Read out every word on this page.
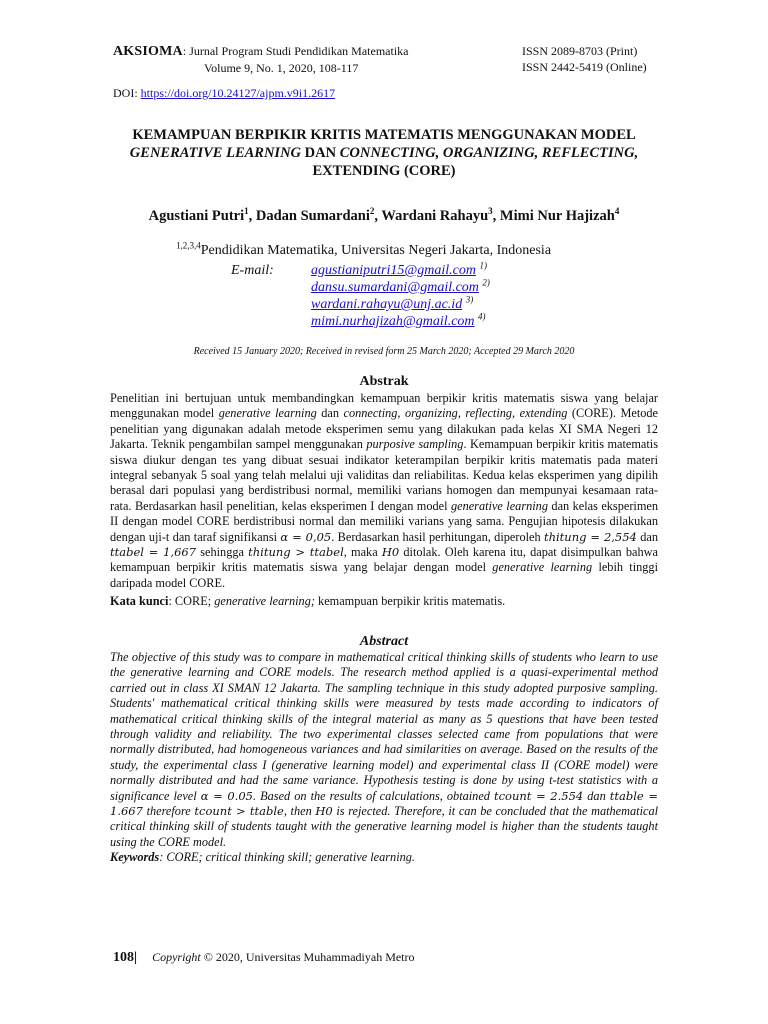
AKSIOMA: Jurnal Program Studi Pendidikan Matematika
Volume 9, No. 1, 2020, 108-117
ISSN 2089-8703 (Print)
ISSN 2442-5419 (Online)
DOI: https://doi.org/10.24127/ajpm.v9i1.2617
KEMAMPUAN BERPIKIR KRITIS MATEMATIS MENGGUNAKAN MODEL
GENERATIVE LEARNING DAN CONNECTING, ORGANIZING, REFLECTING,
EXTENDING (CORE)
Agustiani Putri$^1$, Dadan Sumardani$^2$, Wardani Rahayu$^3$, Mimi Nur Hajizah$^4$
$^{1,2,3,4}$Pendidikan Matematika, Universitas Negeri Jakarta, Indonesia
E-mail:	agustianiputri15@gmail.com $^{1)}$
dansu.sumardani@gmail.com $^{2)}$
wardani.rahayu@unj.ac.id $^{3)}$
mimi.nurhajizah@gmail.com $^{4)}$
Received 15 January 2020; Received in revised form 25 March 2020; Accepted 29 March 2020
Abstrak
Penelitian ini bertujuan untuk membandingkan kemampuan berpikir kritis matematis siswa yang belajar menggunakan model generative learning dan connecting, organizing, reflecting, extending (CORE). Metode penelitian yang digunakan adalah metode eksperimen semu yang dilakukan pada kelas XI SMA Negeri 12 Jakarta. Teknik pengambilan sampel menggunakan purposive sampling. Kemampuan berpikir kritis matematis siswa diukur dengan tes yang dibuat sesuai indikator keterampilan berpikir kritis matematis pada materi integral sebanyak 5 soal yang telah melalui uji validitas dan reliabilitas. Kedua kelas eksperimen yang dipilih berasal dari populasi yang berdistribusi normal, memiliki varians homogen dan mempunyai kesamaan rata-rata. Berdasarkan hasil penelitian, kelas eksperimen I dengan model generative learning dan kelas eksperimen II dengan model CORE berdistribusi normal dan memiliki varians yang sama. Pengujian hipotesis dilakukan dengan uji-t dan taraf signifikansi α = 0,05. Berdasarkan hasil perhitungan, diperoleh thitung = 2,554 dan ttabel = 1,667 sehingga thitung > ttabel, maka H0 ditolak. Oleh karena itu, dapat disimpulkan bahwa kemampuan berpikir kritis matematis siswa yang belajar dengan model generative learning lebih tinggi daripada model CORE.
Kata kunci: CORE; generative learning; kemampuan berpikir kritis matematis.
Abstract
The objective of this study was to compare in mathematical critical thinking skills of students who learn to use the generative learning and CORE models. The research method applied is a quasi-experimental method carried out in class XI SMAN 12 Jakarta. The sampling technique in this study adopted purposive sampling. Students' mathematical critical thinking skills were measured by tests made according to indicators of mathematical critical thinking skills of the integral material as many as 5 questions that have been tested through validity and reliability. The two experimental classes selected came from populations that were normally distributed, had homogeneous variances and had similarities on average. Based on the results of the study, the experimental class I (generative learning model) and experimental class II (CORE model) were normally distributed and had the same variance. Hypothesis testing is done by using t-test statistics with a significance level α = 0.05. Based on the results of calculations, obtained tcount = 2.554 dan ttable = 1.667 therefore tcount > ttable, then H0 is rejected. Therefore, it can be concluded that the mathematical critical thinking skill of students taught with the generative learning model is higher than the students taught using the CORE model.
Keywords: CORE; critical thinking skill; generative learning.
108| Copyright © 2020, Universitas Muhammadiyah Metro
